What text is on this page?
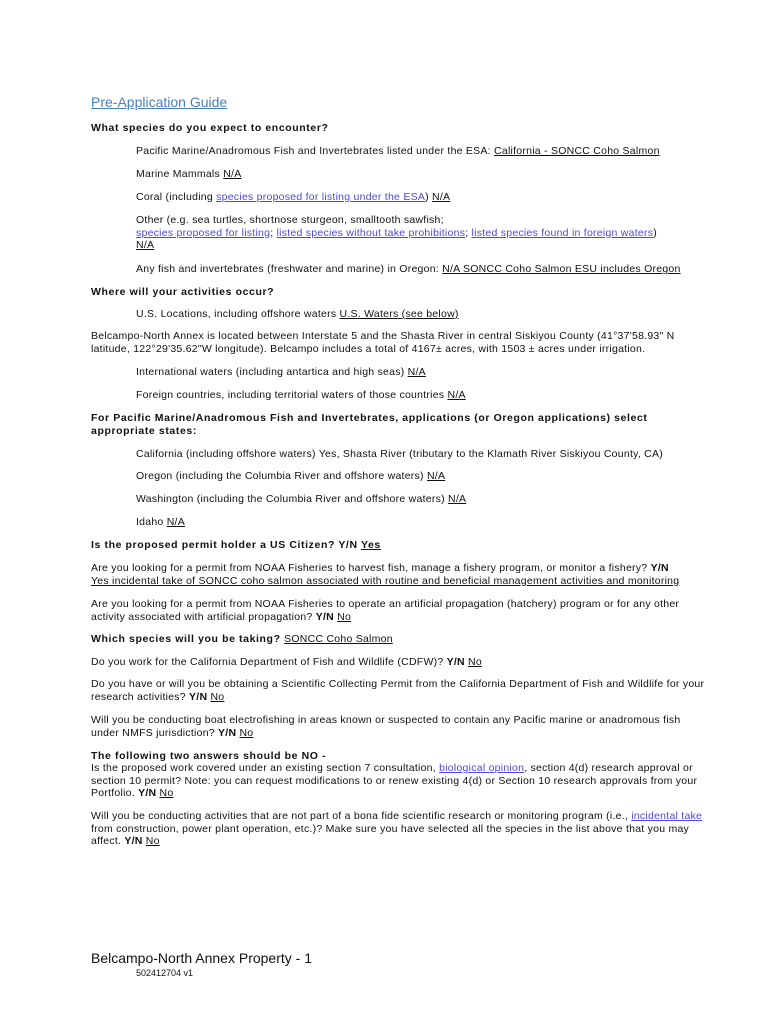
Pre-Application Guide
What species do you expect to encounter?
Pacific Marine/Anadromous Fish and Invertebrates listed under the ESA: California - SONCC Coho Salmon
Marine Mammals N/A
Coral (including species proposed for listing under the ESA) N/A
Other (e.g. sea turtles, shortnose sturgeon, smalltooth sawfish;
species proposed for listing; listed species without take prohibitions; listed species found in foreign waters)
N/A
Any fish and invertebrates (freshwater and marine) in Oregon: N/A SONCC Coho Salmon ESU includes Oregon
Where will your activities occur?
U.S. Locations, including offshore waters U.S. Waters (see below)
Belcampo-North Annex is located between Interstate 5 and the Shasta River in central Siskiyou County (41°37'58.93" N latitude, 122°29'35.62"W longitude). Belcampo includes a total of 4167± acres, with 1503 ± acres under irrigation.
International waters (including antartica and high seas) N/A
Foreign countries, including territorial waters of those countries N/A
For Pacific Marine/Anadromous Fish and Invertebrates, applications (or Oregon applications) select appropriate states:
California (including offshore waters) Yes, Shasta River (tributary to the Klamath River Siskiyou County, CA)
Oregon (including the Columbia River and offshore waters) N/A
Washington (including the Columbia River and offshore waters) N/A
Idaho N/A
Is the proposed permit holder a US Citizen? Y/N Yes
Are you looking for a permit from NOAA Fisheries to harvest fish, manage a fishery program, or monitor a fishery? Y/N
Yes incidental take of SONCC coho salmon associated with routine and beneficial management activities and monitoring
Are you looking for a permit from NOAA Fisheries to operate an artificial propagation (hatchery) program or for any other activity associated with artificial propagation? Y/N No
Which species will you be taking? SONCC Coho Salmon
Do you work for the California Department of Fish and Wildlife (CDFW)? Y/N No
Do you have or will you be obtaining a Scientific Collecting Permit from the California Department of Fish and Wildlife for your research activities? Y/N No
Will you be conducting boat electrofishing in areas known or suspected to contain any Pacific marine or anadromous fish under NMFS jurisdiction? Y/N No
The following two answers should be NO -
Is the proposed work covered under an existing section 7 consultation, biological opinion, section 4(d) research approval or section 10 permit? Note: you can request modifications to or renew existing 4(d) or Section 10 research approvals from your Portfolio. Y/N No
Will you be conducting activities that are not part of a bona fide scientific research or monitoring program (i.e., incidental take from construction, power plant operation, etc.)? Make sure you have selected all the species in the list above that you may affect. Y/N No
Belcampo-North Annex Property - 1
502412704 v1
